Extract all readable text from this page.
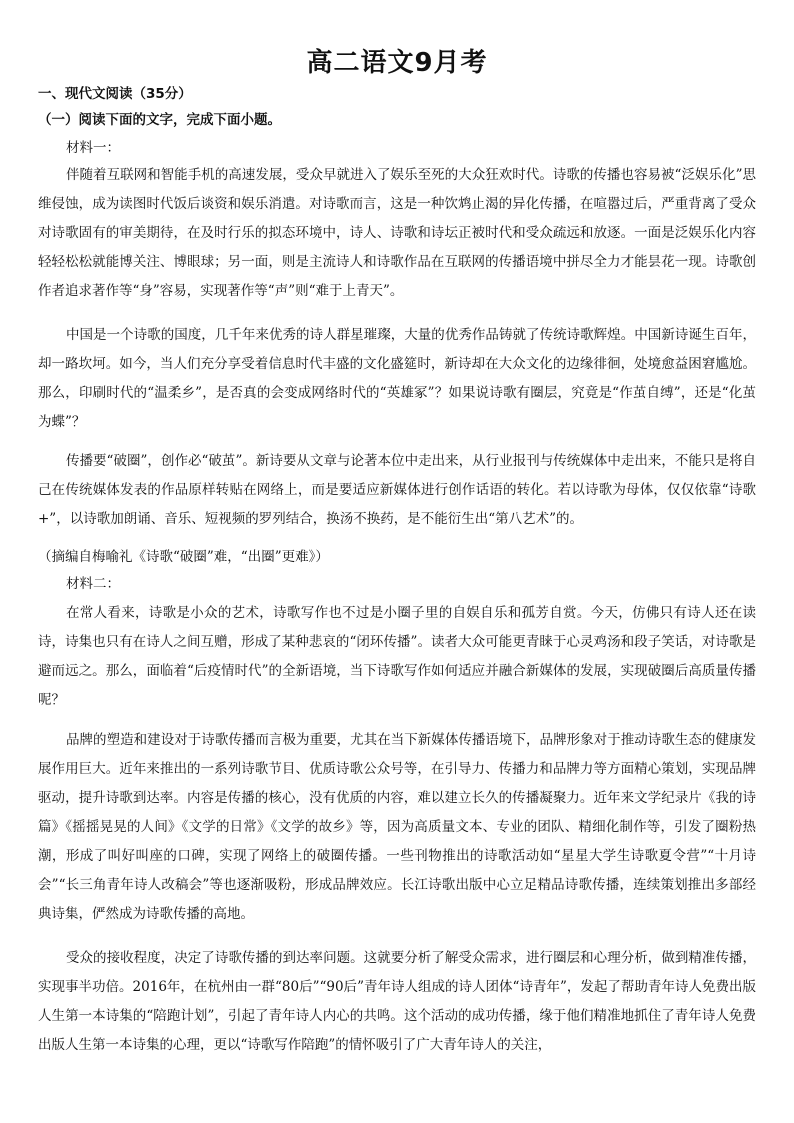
高二语文9月考
一、现代文阅读（35分）
（一）阅读下面的文字，完成下面小题。
材料一：

伴随着互联网和智能手机的高速发展，受众早就进入了娱乐至死的大众狂欢时代。诗歌的传播也容易被“泛娱乐化”思维侵蚀，成为读图时代饭后谈资和娱乐消遣。对诗歌而言，这是一种饮鸩止渴的异化传播，在喧嚣过后，严重背离了受众对诗歌固有的审美期待，在及时行乐的拟态环境中，诗人、诗歌和诗坛正被时代和受众疏远和放逐。一面是泛娱乐化内容轻轻松松就能博关注、博眼球；另一面，则是主流诗人和诗歌作品在互联网的传播语境中拼尽全力才能昙花一现。诗歌创作者追求著作等“身”容易，实现著作等“声”则“难于上青天”。

中国是一个诗歌的国度，几千年来优秀的诗人群星璀璨，大量的优秀作品铸就了传统诗歌辉煌。中国新诗诞生百年，却一路坎坷。如今，当人们充分享受着信息时代丰盛的文化盛筵时，新诗却在大众文化的边缘徘徊，处境愈益困窘尴尬。那么，印刷时代的“温柔乡”，是否真的会变成网络时代的“英雄冢”？如果说诗歌有圈层，究竟是“作茧自缚”，还是“化茧为蝶”？

传播要“破圈”，创作必“破茧”。新诗要从文章与论著本位中走出来，从行业报刊与传统媒体中走出来，不能只是将自己在传统媒体发表的作品原样转贴在网络上，而是要适应新媒体进行创作话语的转化。若以诗歌为母体，仅仅依靠“诗歌+”，以诗歌加朗诵、音乐、短视频的罗列结合，换汤不换药，是不能衍生出“第八艺术”的。

（摘编自梅喻礼《诗歌“破圈”难，“出圈”更难》）
材料二：

在常人看来，诗歌是小众的艺术，诗歌写作也不过是小圈子里的自娱自乐和孤芳自赏。今天，仿佛只有诗人还在读诗，诗集也只有在诗人之间互赠，形成了某种悲哀的“闭环传播”。读者大众可能更青睐于心灵鸡汤和段子笑话，对诗歌是避而远之。那么，面临着“后疫情时代”的全新语境，当下诗歌写作如何适应并融合新媒体的发展，实现破圈后高质量传播呢？

品牌的塑造和建设对于诗歌传播而言极为重要，尤其在当下新媒体传播语境下，品牌形象对于推动诗歌生态的健康发展作用巨大。近年来推出的一系列诗歌节目、优质诗歌公众号等，在引导力、传播力和品牌力等方面精心策划，实现品牌驱动，提升诗歌到达率。内容是传播的核心，没有优质的内容，难以建立长久的传播凝聚力。近年来文学纪录片《我的诗篇》《摇摇晃晃的人间》《文学的日常》《文学的故乡》等，因为高质量文本、专业的团队、精细化制作等，引发了圈粉热潮，形成了叫好叫座的口碑，实现了网络上的破圈传播。一些刊物推出的诗歌活动如“星星大学生诗歌夏令营”“十月诗会”“长三角青年诗人改稿会”等也逐渐吸粉，形成品牌效应。长江诗歌出版中心立足精品诗歌传播，连续策划推出多部经典诗集，俨然成为诗歌传播的高地。

受众的接收程度，决定了诗歌传播的到达率问题。这就要分析了解受众需求，进行圈层和心理分析，做到精准传播，实现事半功倍。2016年，在杭州由一群“80后”“90后”青年诗人组成的诗人团体“诗青年”，发起了帮助青年诗人免费出版人生第一本诗集的“陪跑计划”，引起了青年诗人内心的共鸣。这个活动的成功传播，缘于他们精准地抓住了青年诗人免费出版人生第一本诗集的心理，更以“诗歌写作陪跑”的情怀吸引了广大青年诗人的关注，
